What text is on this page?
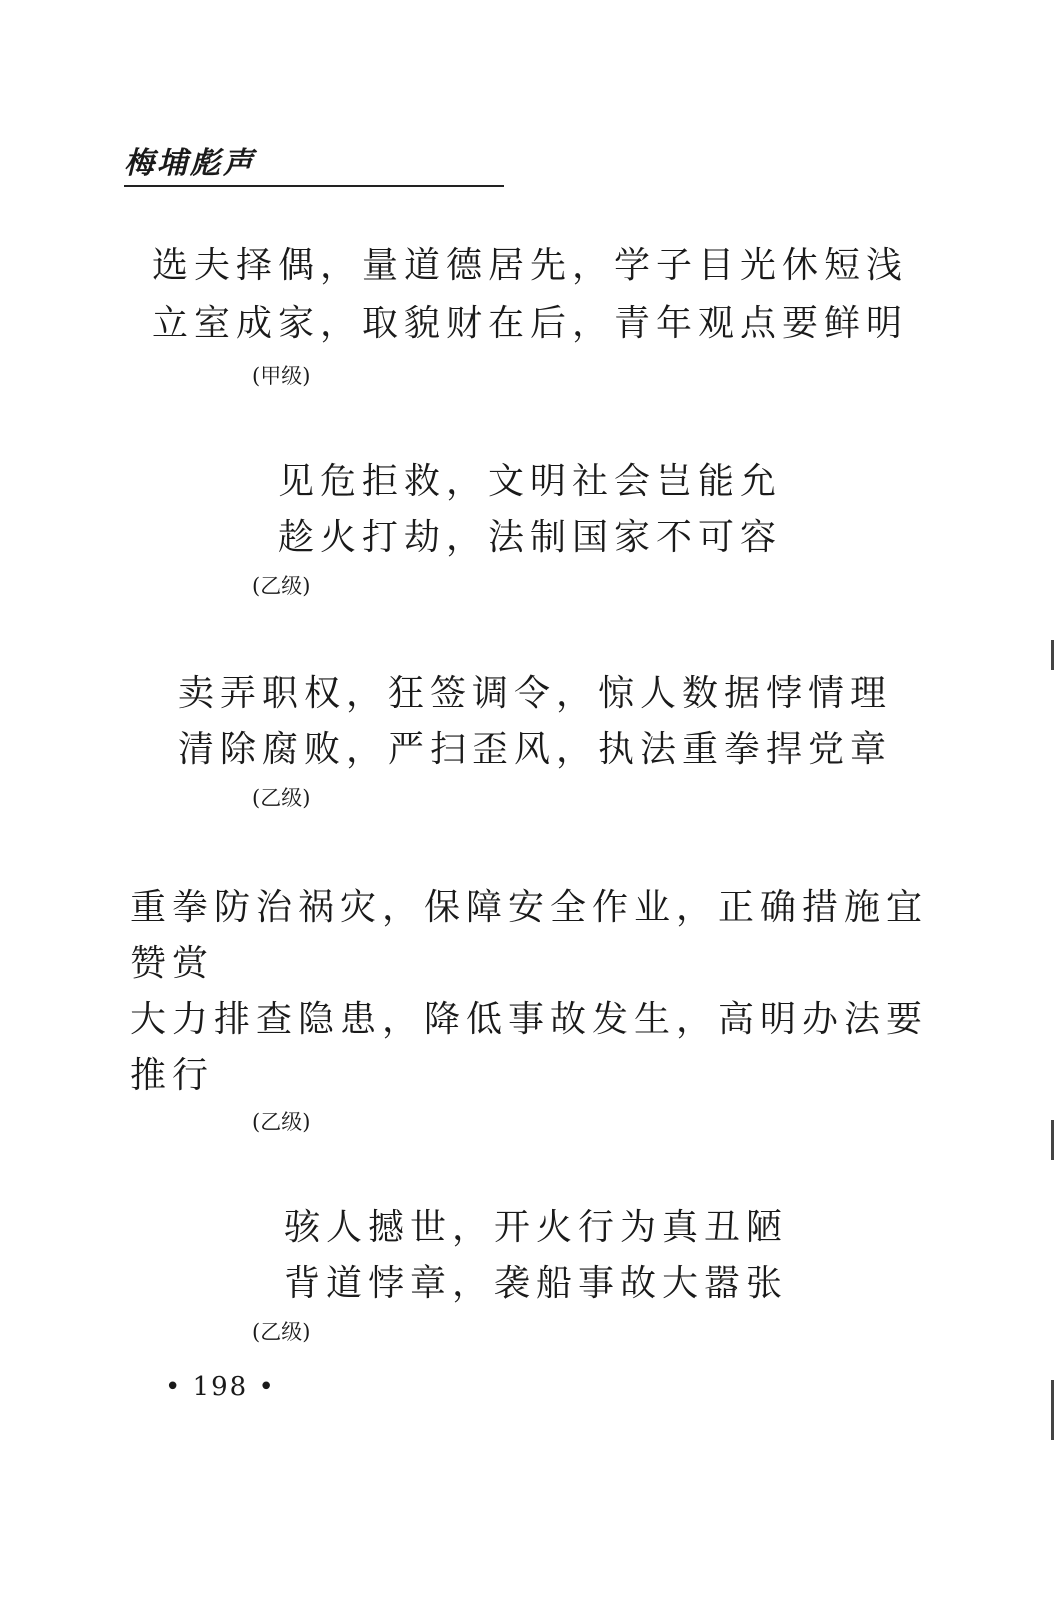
梅埔彪声
选夫择偶，量道德居先，学子目光休短浅
立室成家，取貌财在后，青年观点要鲜明
(甲级)
见危拒救，文明社会岂能允
趁火打劫，法制国家不可容
(乙级)
卖弄职权，狂签调令，惊人数据悖情理
清除腐败，严扫歪风，执法重拳捍党章
(乙级)
重拳防治祸灾，保障安全作业，正确措施宜
赞赏
大力排查隐患，降低事故发生，高明办法要
推行
(乙级)
骇人撼世，开火行为真丑陋
背道悖章，袭船事故大嚣张
(乙级)
• 198 •
